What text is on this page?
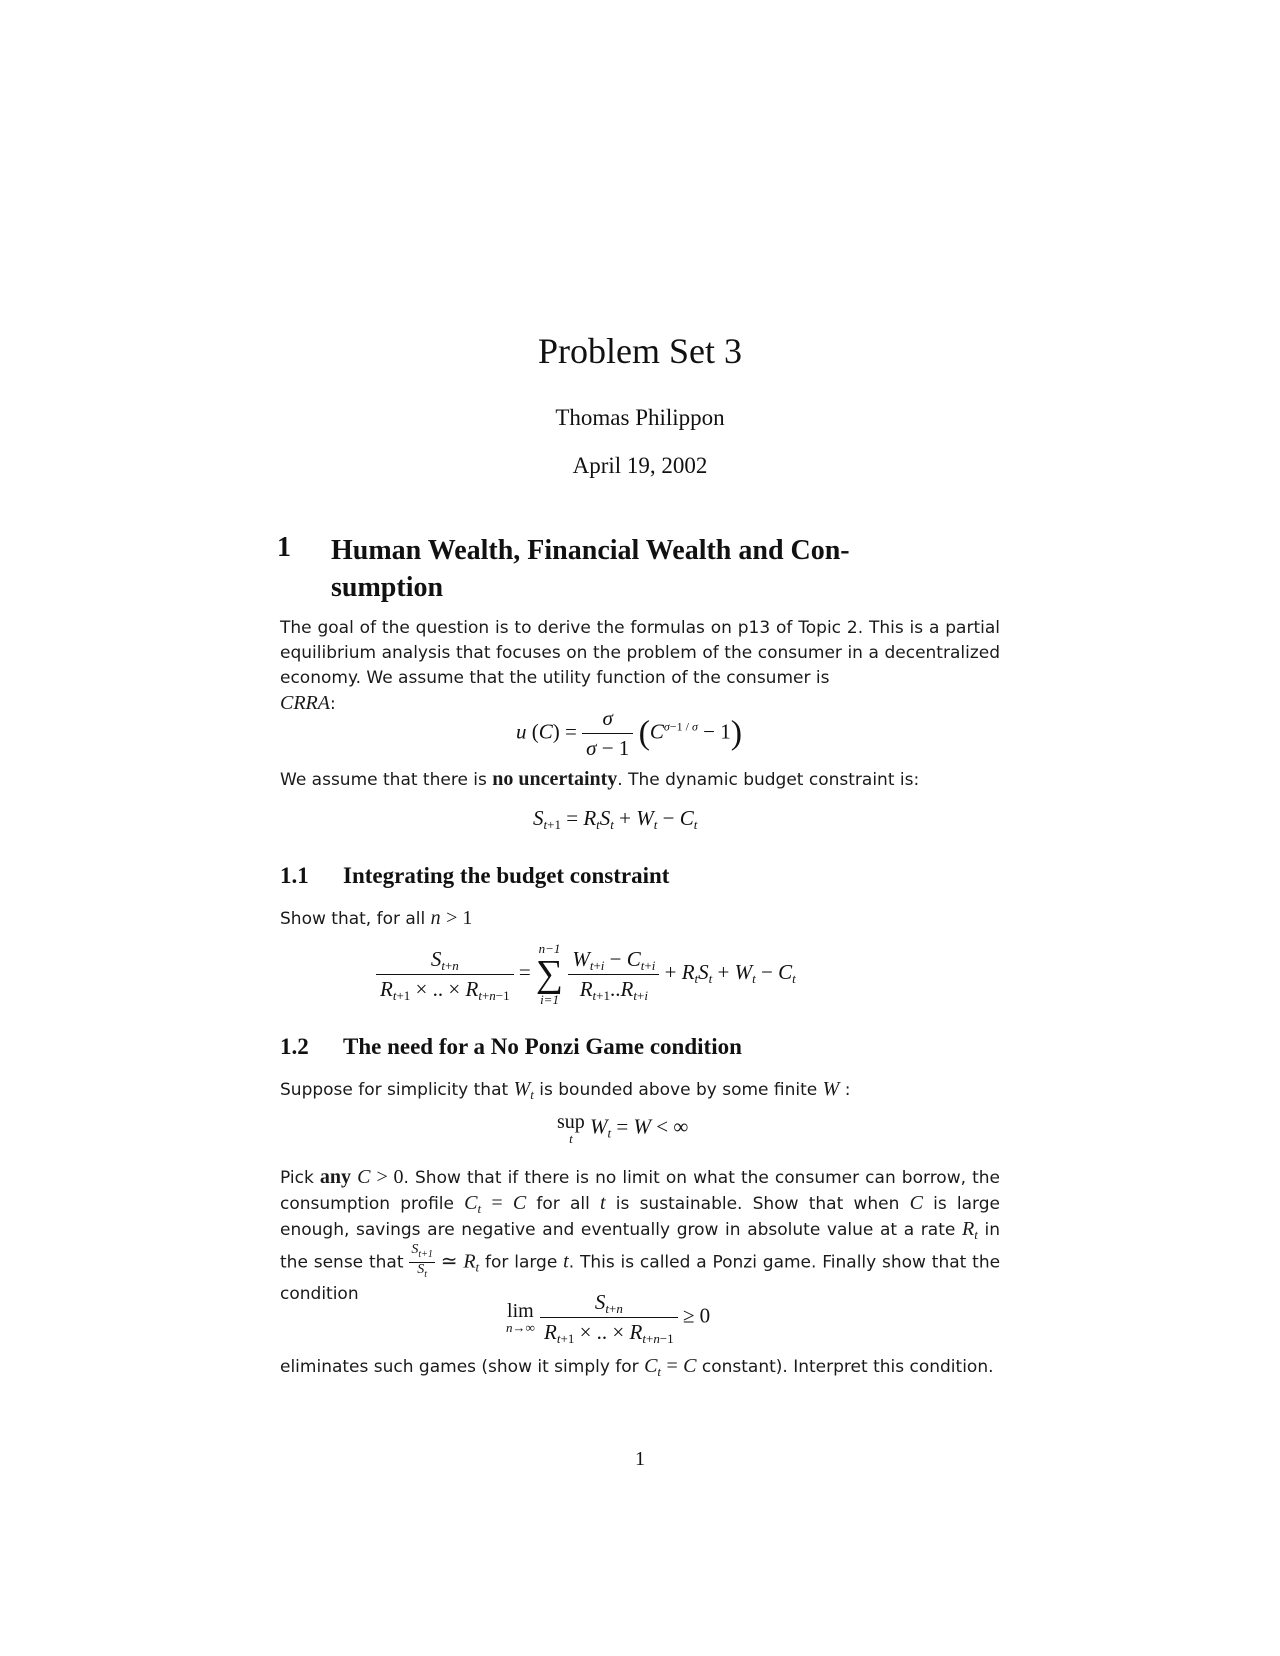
Problem Set 3
Thomas Philippon
April 19, 2002
1 Human Wealth, Financial Wealth and Con-
sumption
The goal of the question is to derive the formulas on p13 of Topic 2. This is a partial equilibrium analysis that focuses on the problem of the consumer in a decentralized economy. We assume that the utility function of the consumer is
CRRA:
u $(C) = \frac{\sigma}{\sigma - 1} (C^{\sigma-1 / \sigma} - 1)$
We assume that there is no uncertainty. The dynamic budget constraint is:
$S_{t+1} = R_tS_t + W_t - C_t$
1.1 Integrating the budget constraint
Show that, for all n > 1
$\frac{S_{t+n}}{R_{t+1} \times .. \times R_{t+n-1}}$ =
n−1
∑
i=1
$\frac{W_{t+i} - C_{t+i}}{R_{t+1}..R_{t+i}} + R_tS_t + W_t - C_t$
1.2 The need for a No Ponzi Game condition
Suppose for simplicity that $W_t$ is bounded above by some finite W :
sup
t
$W_t = W$ < ∞
Pick any C > 0. Show that if there is no limit on what the consumer can borrow, the consumption profile $C_t = C$ for all t is sustainable. Show that when C is large enough, savings are negative and eventually grow in absolute value at a rate $R_t$ in the sense that $\frac{S_{t+1}}{S_t}$ ≃ $R_t$ for large t. This is called a Ponzi game. Finally show that the condition
lim
n→∞
$\frac{S_{t+n}}{R_{t+1} \times .. \times R_{t+n-1}} \ge 0$
eliminates such games (show it simply for $C_t = C$ constant). Interpret this condition.
1
